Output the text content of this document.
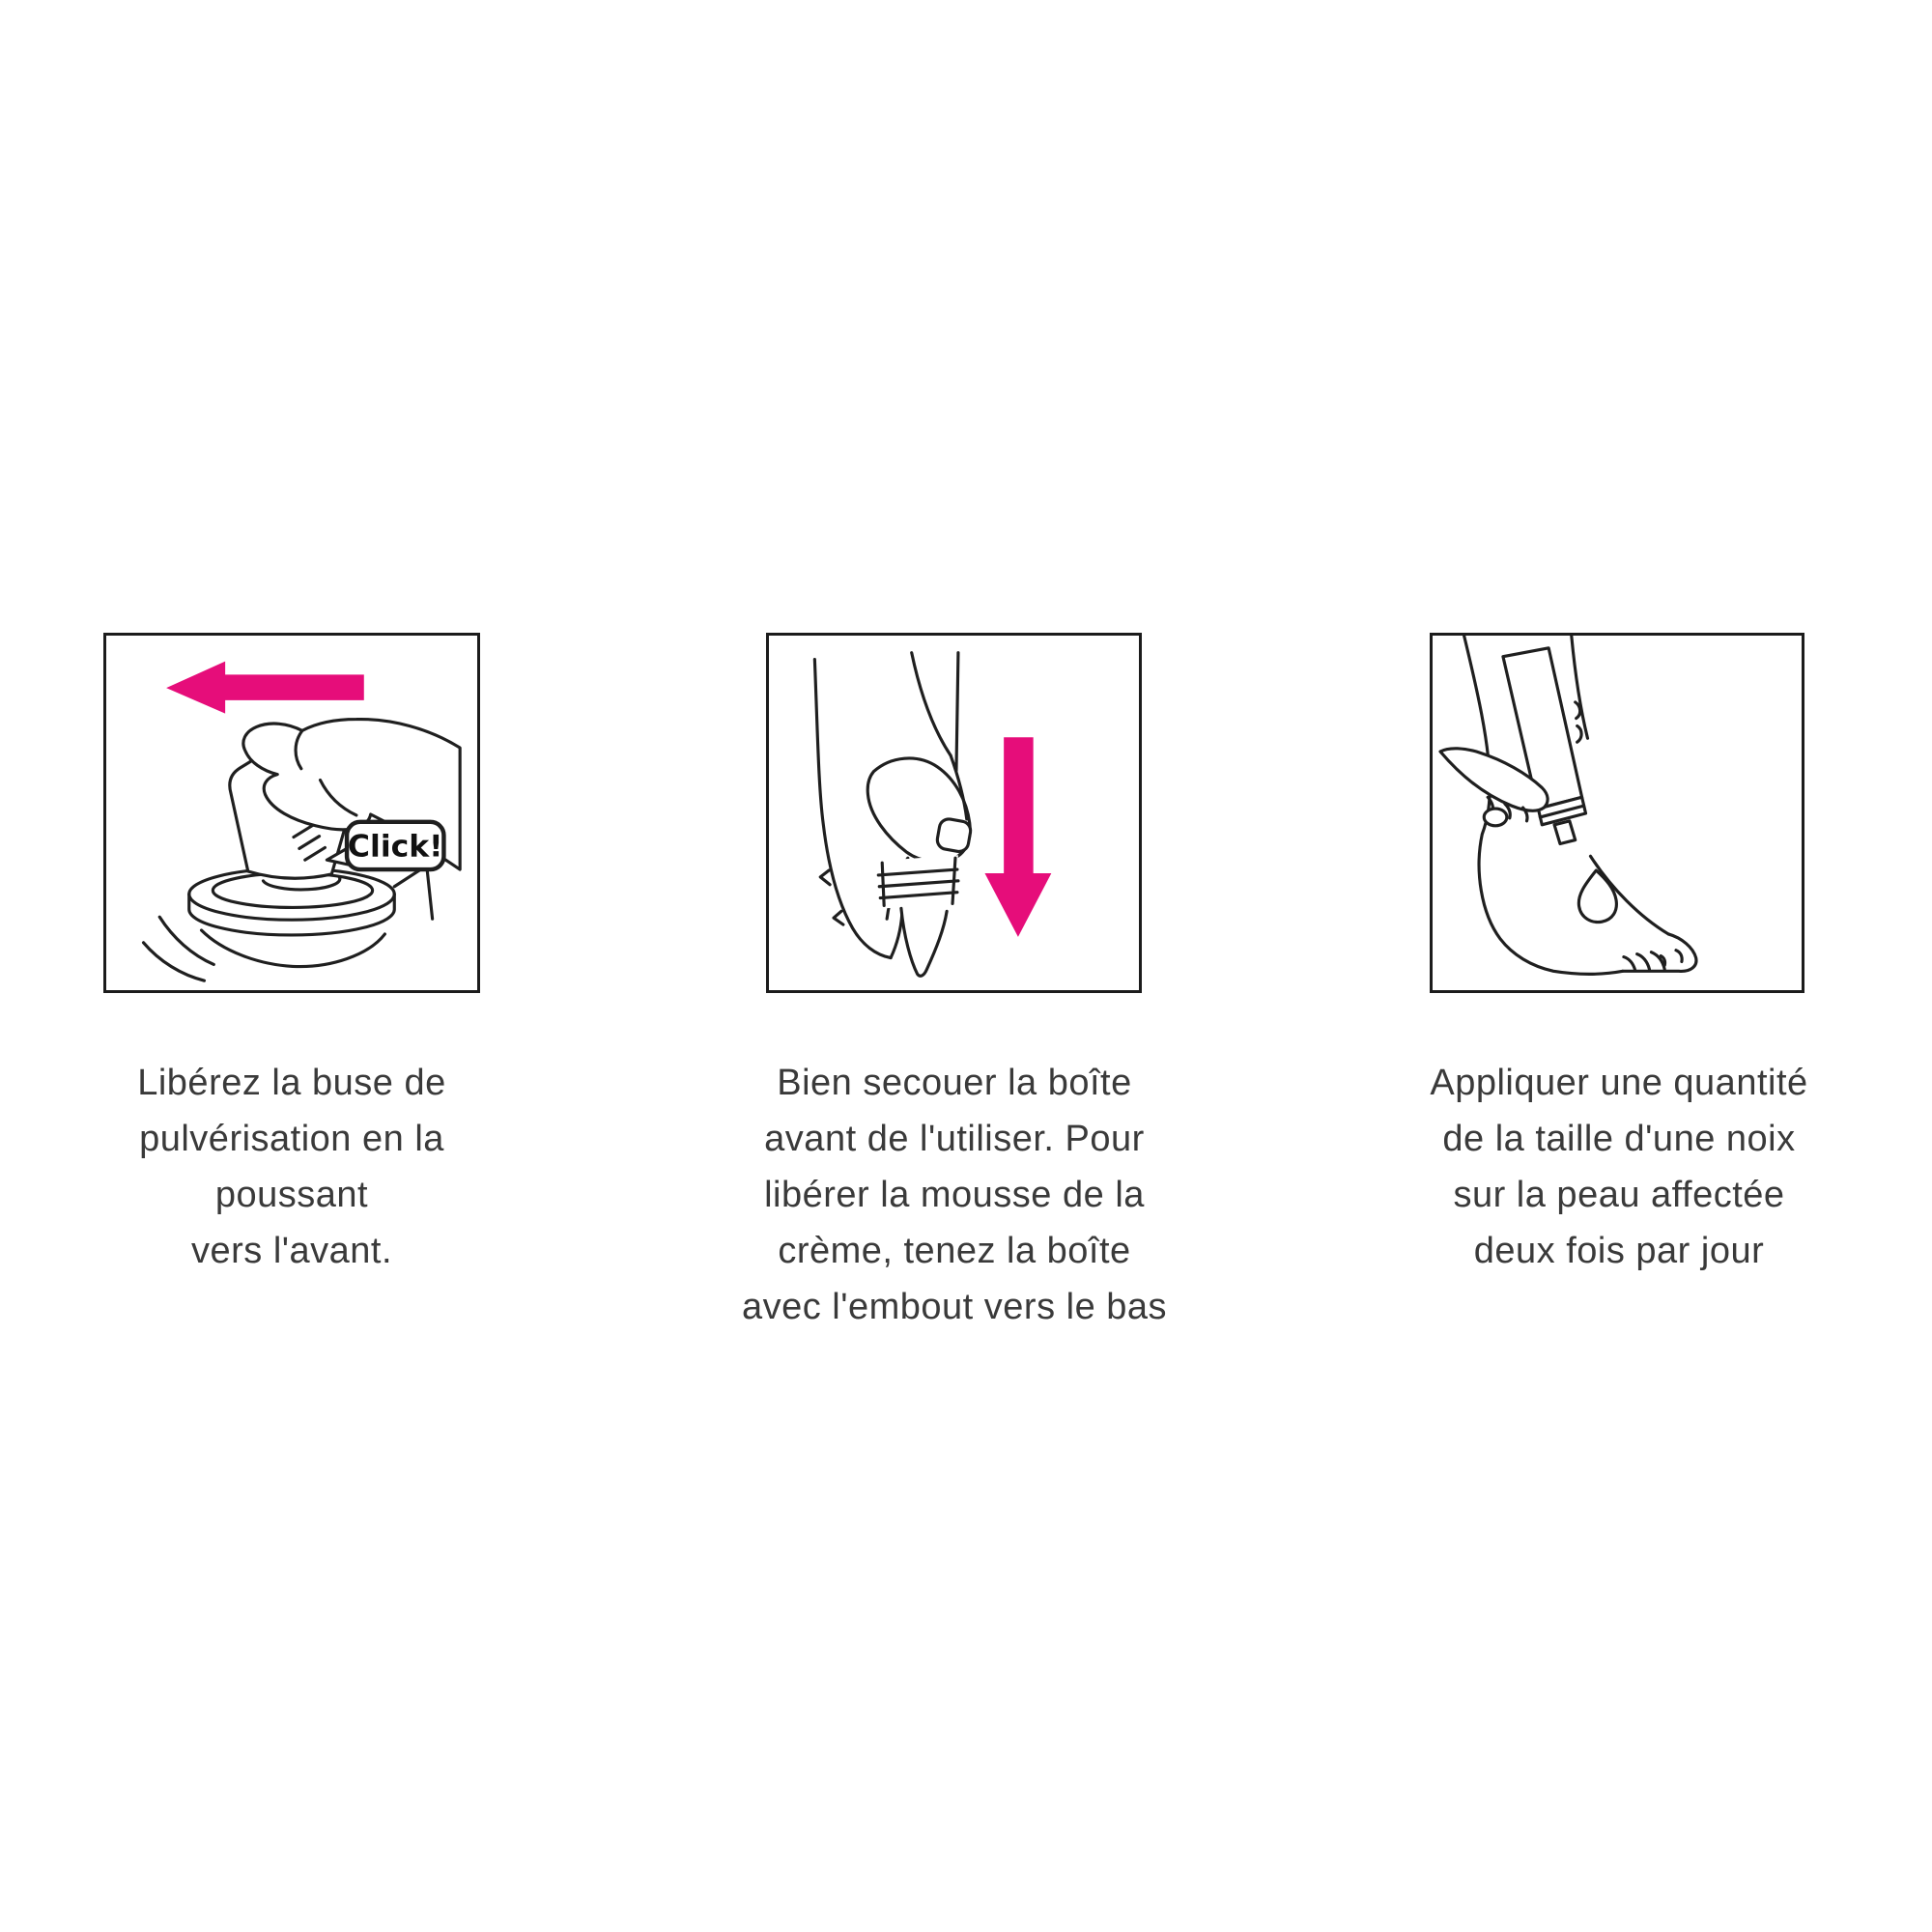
Click!
Libérez la buse de
pulvérisation en la
poussant
vers l'avant.
Bien secouer la boîte
avant de l'utiliser. Pour
libérer la mousse de la
crème, tenez la boîte
avec l'embout vers le bas
Appliquer une quantité
de la taille d'une noix
sur la peau affectée
deux fois par jour
